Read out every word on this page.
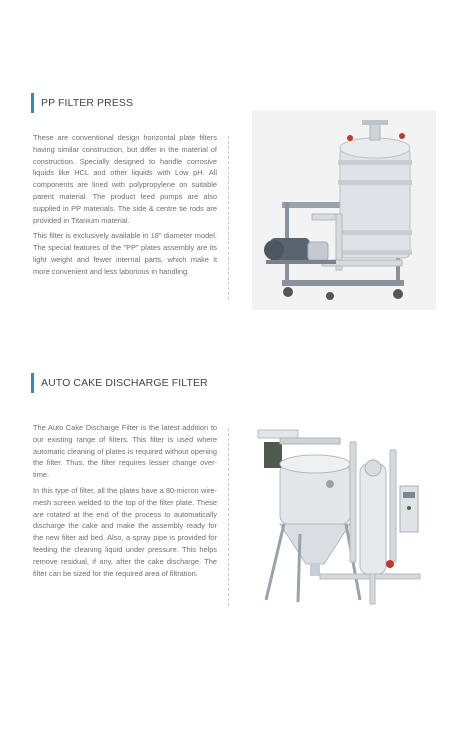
PP FILTER PRESS

These are conventional design horizontal plate filters having similar construction, but differ in the material of construction. Specially designed to handle corrosive liquids like HCL and other liquids with Low pH. All components are lined with polypropylene on suitable parent material. The product feed pumps are also supplied in PP materials. The side & centre tie rods are provided in Titanium material.

This filter is exclusively available in 18" diameter model. The special features of the "PP" plates assembly are its light weight and fewer internal parts, which make it more convenient and less laborious in handling.

AUTO CAKE DISCHARGE FILTER

The Auto Cake Discharge Filter is the latest addition to our existing range of filters. This filter is used where automatic cleaning of plates is required without opening the filter. Thus, the filter requires lesser change over-time.

In this type of filter, all the plates have a 80-micron wire-mesh screen welded to the top of the filter plate. These are rotated at the end of the process to automatically discharge the cake and make the assembly ready for the new filter aid bed. Also, a spray pipe is provided for feeding the cleaning liquid under pressure. This helps remove residual, if any, after the cake discharge. The filter can be sized for the required area of filtration.
